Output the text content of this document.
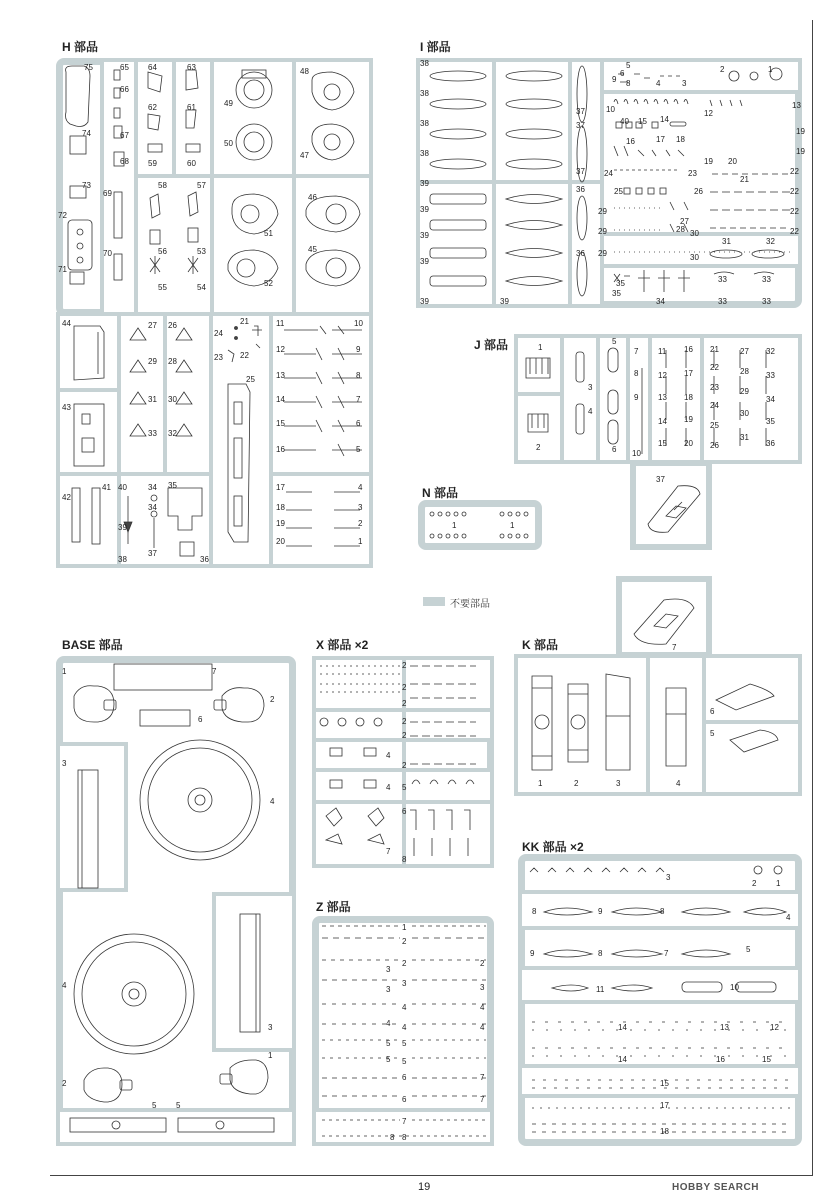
H 部品
75
74
73
72
71
65
66
67
68
69
70
64	63
62	61
59	60
58	57
56	53
55	54
49
50
48
47
51
52
46
45
44
43
42
41
27 26
29 28
31 30
33 32
40	34 35
34
39
38
37
36
24
21
23 22
25
11
12
13
14
15
16
10
9
8
7
6
5
17
18
19
20
4
3
2
1
I 部品
38
38
38
38
39
39
39
39
39	39
37
37
37
36
36
5
6
9 8	4	3
2	1
10	12
13
40 15 14
19
16	17 18
19
19 20
24	23	22
21
25	26	22
29	22
27
28
29	30	22
29	30
31	32
35
35
34
33	33
33	33
J 部品	1
2
3
4
5
6
7
8
9
10
11
12
13
14
15
16
17
18
19
20
21
22
23
24
25
26
27
28
29
30
31
32
33
34
35
36
37
N 部品
1	1
不要部品
BASE 部品
1	7
2
6
3
4
4
3
1
2
5 5
X 部品 ×2
2
2
2
2
2
4
2
4 5
6
7
8
K 部品	7
1	2	3	4
6
5
Z 部品
1
2
2	2
3
3	3
3
4	4
4 4	4
5 5
5 5
6	7
6	7
7
8
8
KK 部品 ×2
3
2 1
8	9	8
4
9	8	7	5
11	10
14	13	12
14	16	15
15
17
18
19	HOBBY SEARCH
